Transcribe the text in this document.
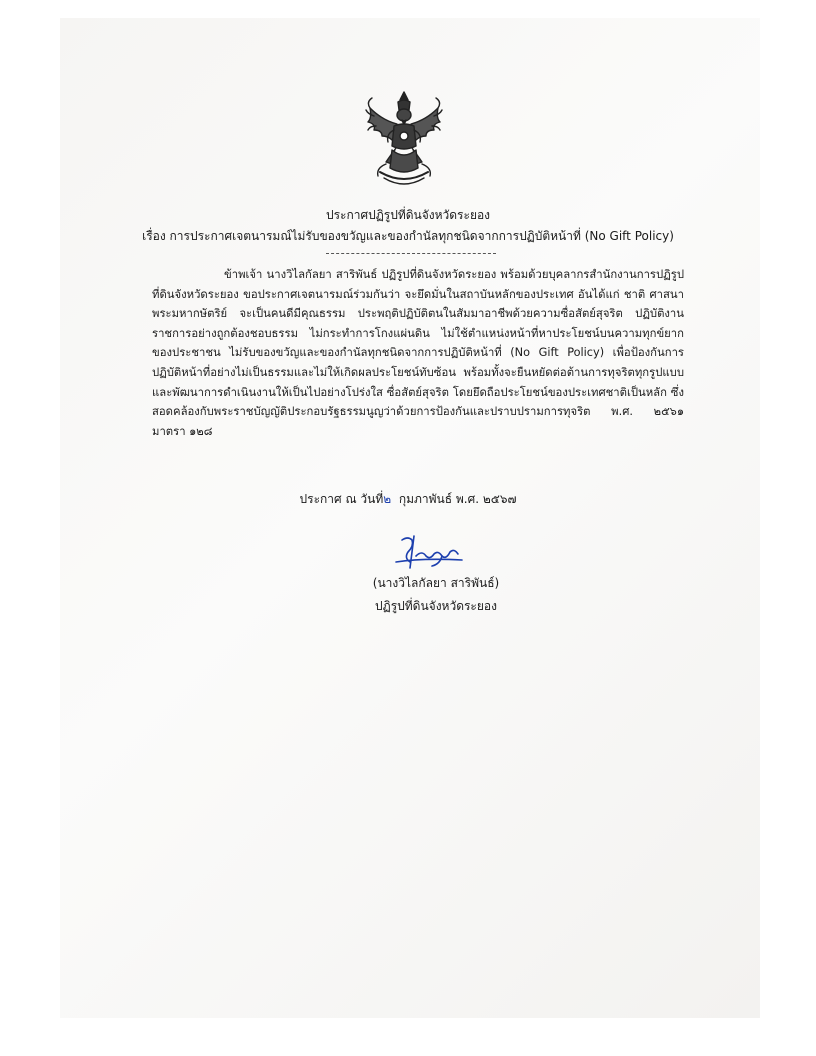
ประกาศปฏิรูปที่ดินจังหวัดระยอง
เรื่อง การประกาศเจตนารมณ์ไม่รับของขวัญและของกำนัลทุกชนิดจากการปฏิบัติหน้าที่ (No Gift Policy)

ข้าพเจ้า นางวิไลกัลยา สาริพันธ์ ปฏิรูปที่ดินจังหวัดระยอง พร้อมด้วยบุคลากรสำนักงานการปฏิรูปที่ดินจังหวัดระยอง ขอประกาศเจตนารมณ์ร่วมกันว่า จะยึดมั่นในสถาบันหลักของประเทศ อันได้แก่ ชาติ ศาสนา พระมหากษัตริย์ จะเป็นคนดีมีคุณธรรม ประพฤติปฏิบัติตนในสัมมาอาชีพด้วยความซื่อสัตย์สุจริต ปฏิบัติงานราชการอย่างถูกต้องชอบธรรม ไม่กระทำการโกงแผ่นดิน ไม่ใช้ตำแหน่งหน้าที่หาประโยชน์บนความทุกข์ยากของประชาชน ไม่รับของขวัญและของกำนัลทุกชนิดจากการปฏิบัติหน้าที่ (No Gift Policy) เพื่อป้องกันการปฏิบัติหน้าที่อย่างไม่เป็นธรรมและไม่ให้เกิดผลประโยชน์ทับซ้อน พร้อมทั้งจะยืนหยัดต่อต้านการทุจริตทุกรูปแบบและพัฒนาการดำเนินงานให้เป็นไปอย่างโปร่งใส ซื่อสัตย์สุจริต โดยยึดถือประโยชน์ของประเทศชาติเป็นหลัก ซึ่งสอดคล้องกับพระราชบัญญัติประกอบรัฐธรรมนูญว่าด้วยการป้องกันและปราบปรามการทุจริต พ.ศ. ๒๕๖๑ มาตรา ๑๒๘

ประกาศ ณ วันที่๒ กุมภาพันธ์ พ.ศ. ๒๕๖๗
(นางวิไลกัลยา สาริพันธ์)
ปฏิรูปที่ดินจังหวัดระยอง
